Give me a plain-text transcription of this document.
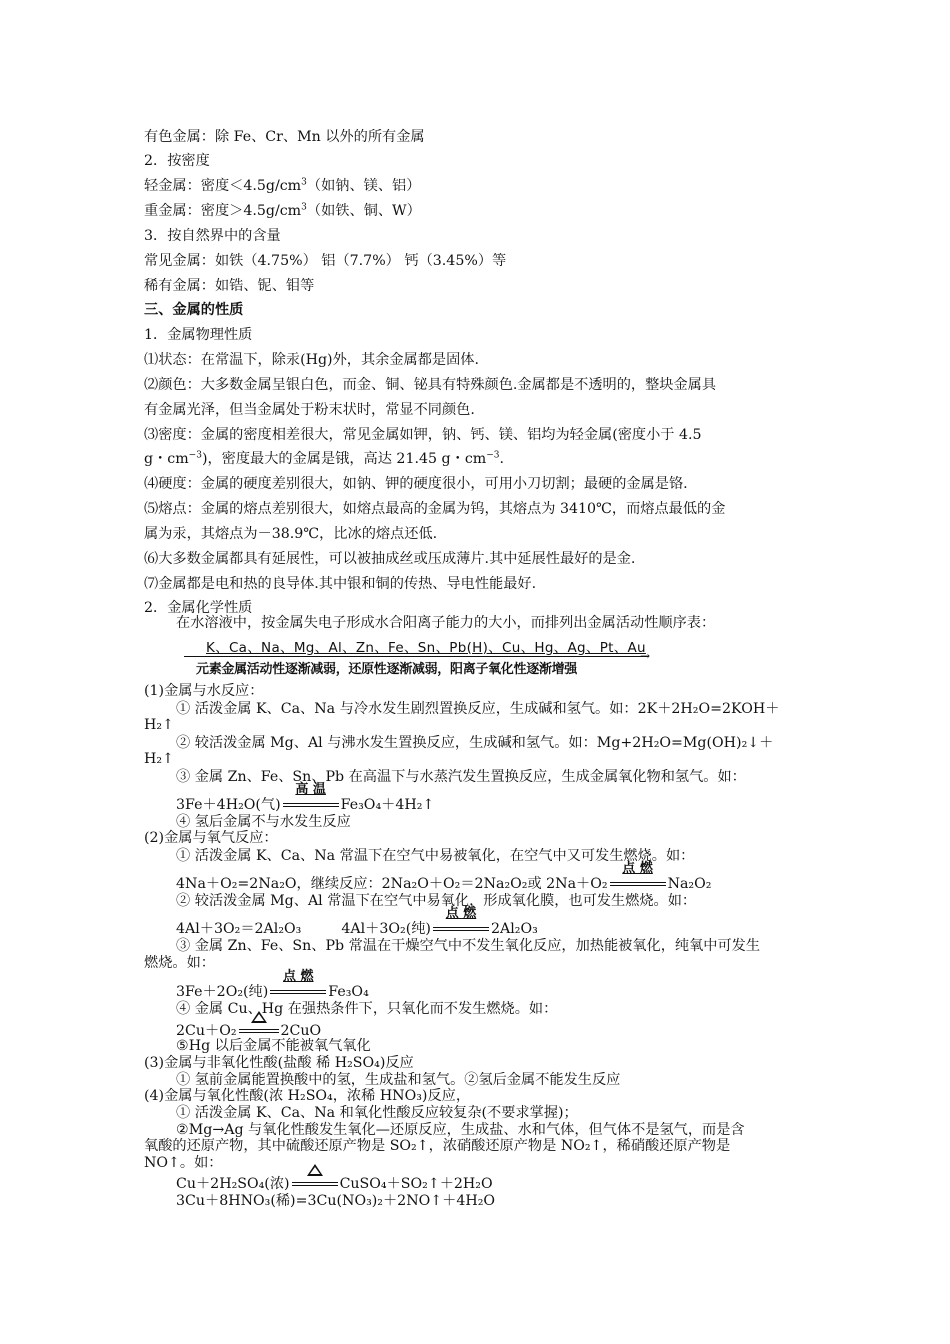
有色金属：除 Fe、Cr、Mn 以外的所有金属
2．按密度
轻金属：密度$<4.5g/cm^3$（如钠、镁、铝）
重金属：密度$>4.5g/cm^3$（如铁、铜、W）
3．按自然界中的含量
常见金属：如铁（4.75%） 铝（7.7%） 钙（3.45%）等
稀有金属：如锆、铌、钼等
三、金属的性质
1．金属物理性质
⑴状态：在常温下，除汞(Hg)外，其余金属都是固体.
⑵颜色：大多数金属呈银白色，而金、铜、铋具有特殊颜色.金属都是不透明的，整块金属具
有金属光泽，但当金属处于粉末状时，常显不同颜色.
⑶密度：金属的密度相差很大，常见金属如钾，钠、钙、镁、铝均为轻金属(密度小于 4.5
g・$cm^{-3}$)，密度最大的金属是锇，高达 21.45 g・$cm^{-3}$.
⑷硬度：金属的硬度差别很大，如钠、钾的硬度很小，可用小刀切割；最硬的金属是铬.
⑸熔点：金属的熔点差别很大，如熔点最高的金属为钨，其熔点为 3410℃，而熔点最低的金
属为汞，其熔点为－38.9℃，比冰的熔点还低.
⑹大多数金属都具有延展性，可以被抽成丝或压成薄片.其中延展性最好的是金.
⑺金属都是电和热的良导体.其中银和铜的传热、导电性能最好.
2．金属化学性质
在水溶液中，按金属失电子形成水合阳离子能力的大小，而排列出金属活动性顺序表：
K、Ca、Na、Mg、Al、Zn、Fe、Sn、Pb(H)、Cu、Hg、Ag、Pt、Au
→
元素金属活动性逐渐减弱，还原性逐渐减弱，阳离子氧化性逐渐增强
(1)金属与水反应：
① 活泼金属 K、Ca、Na 与冷水发生剧烈置换反应，生成碱和氢气。如：2K＋2H₂O=2KOH＋
H₂↑
② 较活泼金属 Mg、Al 与沸水发生置换反应，生成碱和氢气。如：Mg+2H₂O=Mg(OH)₂↓＋
H₂↑
③ 金属 Zn、Fe、Sn、Pb 在高温下与水蒸汽发生置换反应，生成金属氧化物和氢气。如：
3Fe＋4H₂O(气)
高 温
Fe₃O₄＋4H₂↑
④ 氢后金属不与水发生反应
(2)金属与氧气反应：
① 活泼金属 K、Ca、Na 常温下在空气中易被氧化，在空气中又可发生燃烧。如：
4Na＋O₂=2Na₂O，继续反应：2Na₂O＋O₂＝2Na₂O₂或 2Na＋O₂
点 燃
Na₂O₂
② 较活泼金属 Mg、Al 常温下在空气中易氧化，形成氧化膜，也可发生燃烧。如：
4Al＋3O₂＝2Al₂O₃	4Al＋3O₂(纯)
点 燃
2Al₂O₃
③ 金属 Zn、Fe、Sn、Pb 常温在干燥空气中不发生氧化反应，加热能被氧化，纯氧中可发生
燃烧。如：
3Fe＋2O₂(纯)
点 燃
Fe₃O₄
④ 金属 Cu、Hg 在强热条件下，只氧化而不发生燃烧。如：
2Cu＋O₂	2CuO
⑤Hg 以后金属不能被氧气氧化
(3)金属与非氧化性酸(盐酸 稀 H₂SO₄)反应
① 氢前金属能置换酸中的氢，生成盐和氢气。②氢后金属不能发生反应
(4)金属与氧化性酸(浓 H₂SO₄，浓稀 HNO₃)反应，
① 活泼金属 K、Ca、Na 和氧化性酸反应较复杂(不要求掌握)；
②Mg→Ag 与氧化性酸发生氧化—还原反应，生成盐、水和气体，但气体不是氢气，而是含
氧酸的还原产物，其中硫酸还原产物是 SO₂↑，浓硝酸还原产物是 NO₂↑，稀硝酸还原产物是
NO↑。如：
Cu＋2H₂SO₄(浓)	CuSO₄＋SO₂↑＋2H₂O
3Cu＋8HNO₃(稀)=3Cu(NO₃)₂＋2NO↑＋4H₂O
